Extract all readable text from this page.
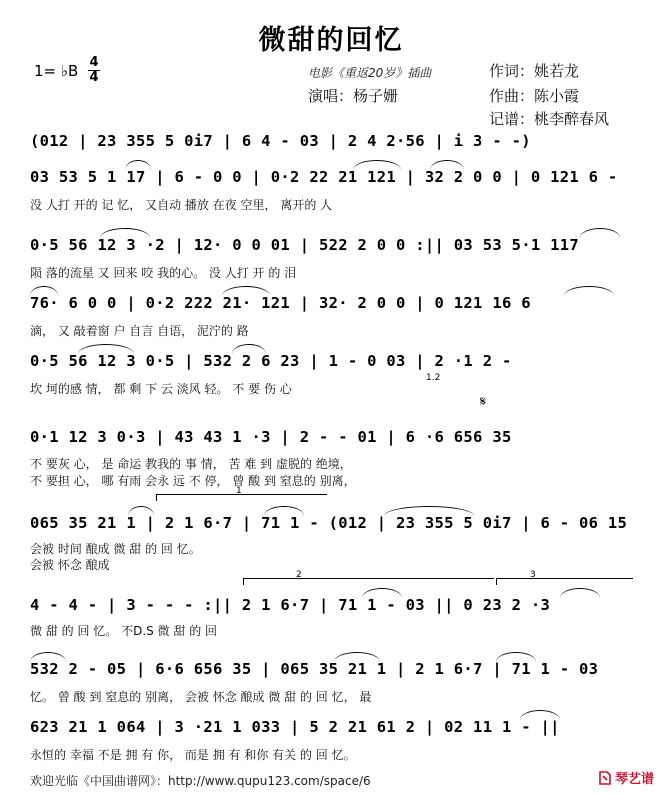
微甜的回忆
1= ♭B 4
4	电影《重返20岁》插曲	作词：姚若龙
演唱：杨子姗	作曲：陈小霞
记谱：桃李醉春风
(012 | 23 355 5 0i7 | 6 4 - 03 | 2 4 2·56 | i 3 - -)
03 53 5 1 17 | 6 - 0 0 | 0·2 22 21 121 | 32 2 0 0 | 0 121 6 -
没 人打 开的 记 忆， 又自动 播放 在夜 空里， 离开的 人
0·5 56 12 3 ·2 | 12· 0 0 01 | 522 2 0 0 :|| 03 53 5·1 117
陨 落的流星 又 回来 咬 我的心。 没 人打 开 的 泪
76· 6 0 0 | 0·2 222 21· 121 | 32· 2 0 0 | 0 121 16 6
滴， 又 敲着窗 户 自言 自语， 泥泞的 路
0·5 56 12 3 0·5 | 532 2 6 23 | 1 - 0 03 | 2 ·1 2 -
坎 坷的感 情， 都 剩 下 云 淡风 轻。 不 要 伤 心
1.2
𝄋
0·1 12 3 0·3 | 43 43 1 ·3 | 2 - - 01 | 6 ·6 656 35
不 要灰 心， 是 命运 教我的 事 情， 苦 难 到 虚脱的 绝境，
不 要担 心， 哪 有雨 会永 远 不 停， 曾 酸 到 窒息的 别离，
1
065 35 21 1 | 2 1 6·7 | 71 1 - (012 | 23 355 5 0i7 | 6 - 06 15
会被 时间 酿成 微 甜 的 回 忆。
会被 怀念 酿成
2	3
4 - 4 - | 3 - - - :|| 2 1 6·7 | 71 1 - 03 || 0 23 2 ·3
微 甜 的 回 忆。 不D.S 微 甜 的 回
532 2 - 05 | 6·6 656 35 | 065 35 21 1 | 2 1 6·7 | 71 1 - 03
忆。 曾 酸 到 窒息的 别离， 会被 怀念 酿成 微 甜 的 回 忆， 最
623 21 1 064 | 3 ·21 1 033 | 5 2 21 61 2 | 02 11 1 - ||
永恒的 幸福 不是 拥 有 你， 而是 拥 有 和你 有关 的 回 忆。
欢迎光临《中国曲谱网》：http://www.qupu123.com/space/6	琴艺谱
